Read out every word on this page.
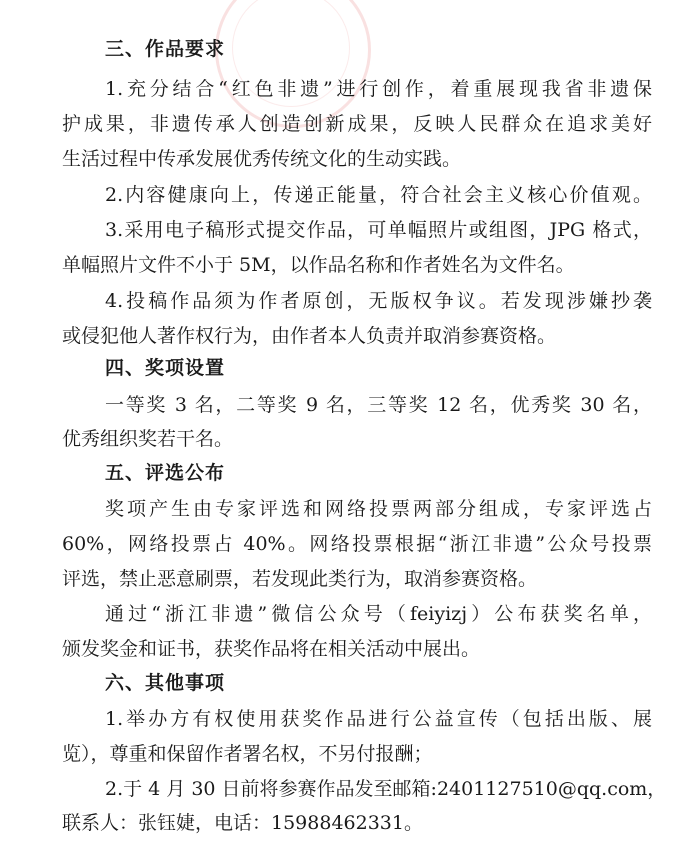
三、作品要求
1.充分结合“红色非遗”进行创作，着重展现我省非遗保
护成果，非遗传承人创造创新成果，反映人民群众在追求美好
生活过程中传承发展优秀传统文化的生动实践。
2.内容健康向上，传递正能量，符合社会主义核心价值观。
3.采用电子稿形式提交作品，可单幅照片或组图，JPG 格式，
单幅照片文件不小于 5M，以作品名称和作者姓名为文件名。
4.投稿作品须为作者原创，无版权争议。若发现涉嫌抄袭
或侵犯他人著作权行为，由作者本人负责并取消参赛资格。
四、奖项设置
一等奖 3 名，二等奖 9 名，三等奖 12 名，优秀奖 30 名，
优秀组织奖若干名。
五、评选公布
奖项产生由专家评选和网络投票两部分组成，专家评选占
60%，网络投票占 40%。网络投票根据“浙江非遗”公众号投票
评选，禁止恶意刷票，若发现此类行为，取消参赛资格。
通过“浙江非遗”微信公众号（feiyizj）公布获奖名单，
颁发奖金和证书，获奖作品将在相关活动中展出。
六、其他事项
1.举办方有权使用获奖作品进行公益宣传（包括出版、展
览），尊重和保留作者署名权，不另付报酬；
2.于 4 月 30 日前将参赛作品发至邮箱:2401127510@qq.com，
联系人：张钰婕，电话：15988462331。
